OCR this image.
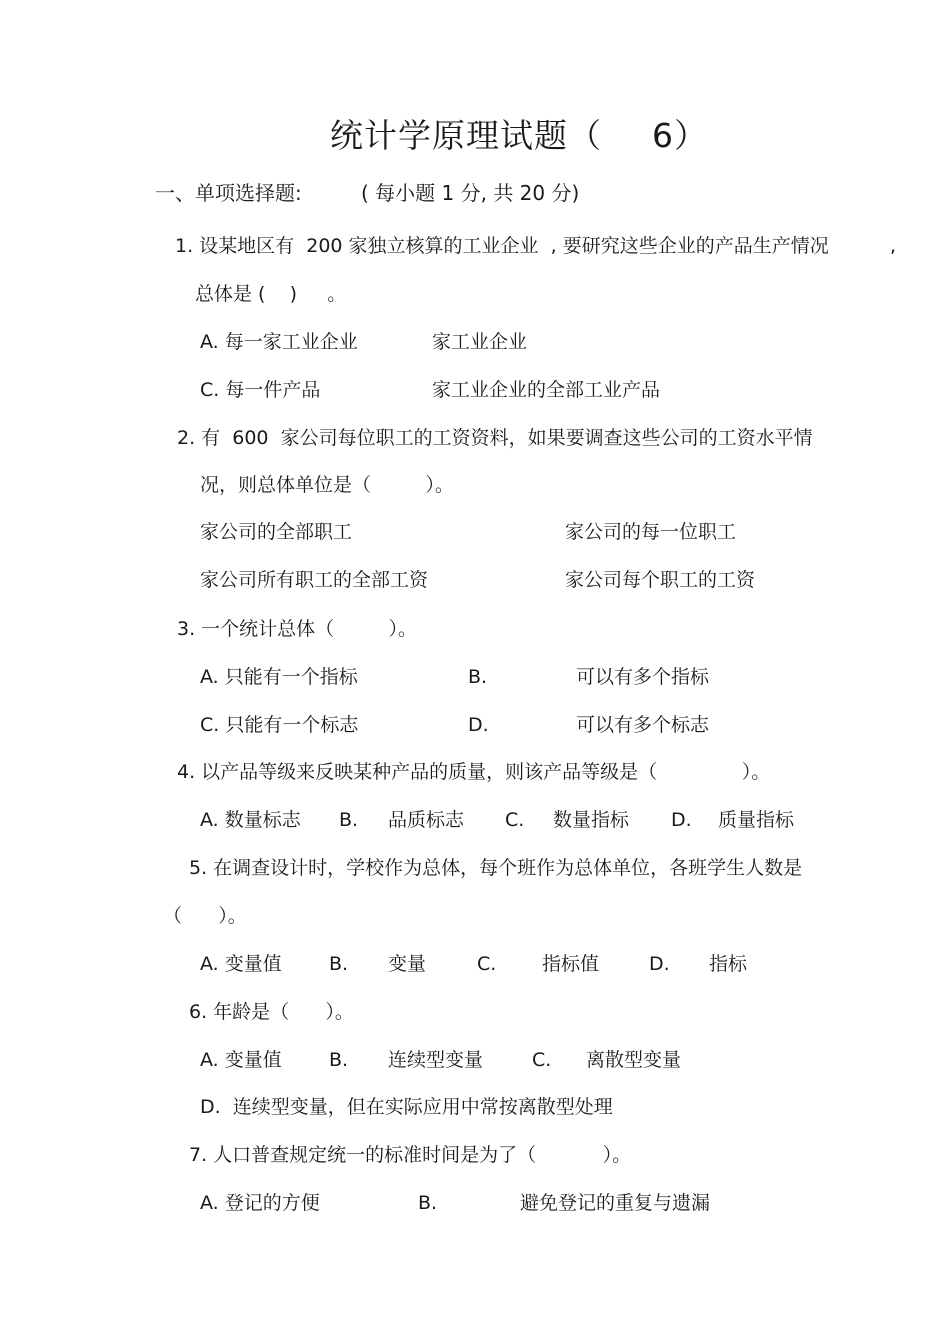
统计学原理试题（ 6）
一、单项选择题:	( 每小题 1 分, 共 20 分)
1. 设某地区有  200 家独立核算的工业企业  , 要研究这些企业的产品生产情况	,
总体是 (    )     。
A. 每一家工业企业	家工业企业
C. 每一件产品	家工业企业的全部工业产品
2. 有  600  家公司每位职工的工资资料，如果要调查这些公司的工资水平情
况，则总体单位是（         ）。
家公司的全部职工	家公司的每一位职工
家公司所有职工的全部工资	家公司每个职工的工资
3. 一个统计总体（         ）。
A. 只能有一个指标	B.	可以有多个指标
C. 只能有一个标志	D.	可以有多个标志
4. 以产品等级来反映某种产品的质量，则该产品等级是（              ）。
A. 数量标志 B. 品质标志 C. 数量指标 D. 质量指标
5. 在调查设计时，学校作为总体，每个班作为总体单位，各班学生人数是
（      ）。
A. 变量值 B. 变量	C. 指标值	D. 指标
6. 年龄是（      ）。
A. 变量值 B. 连续型变量	C. 离散型变量
D.  连续型变量，但在实际应用中常按离散型处理
7. 人口普查规定统一的标准时间是为了（           ）。
A. 登记的方便	B.	避免登记的重复与遗漏
